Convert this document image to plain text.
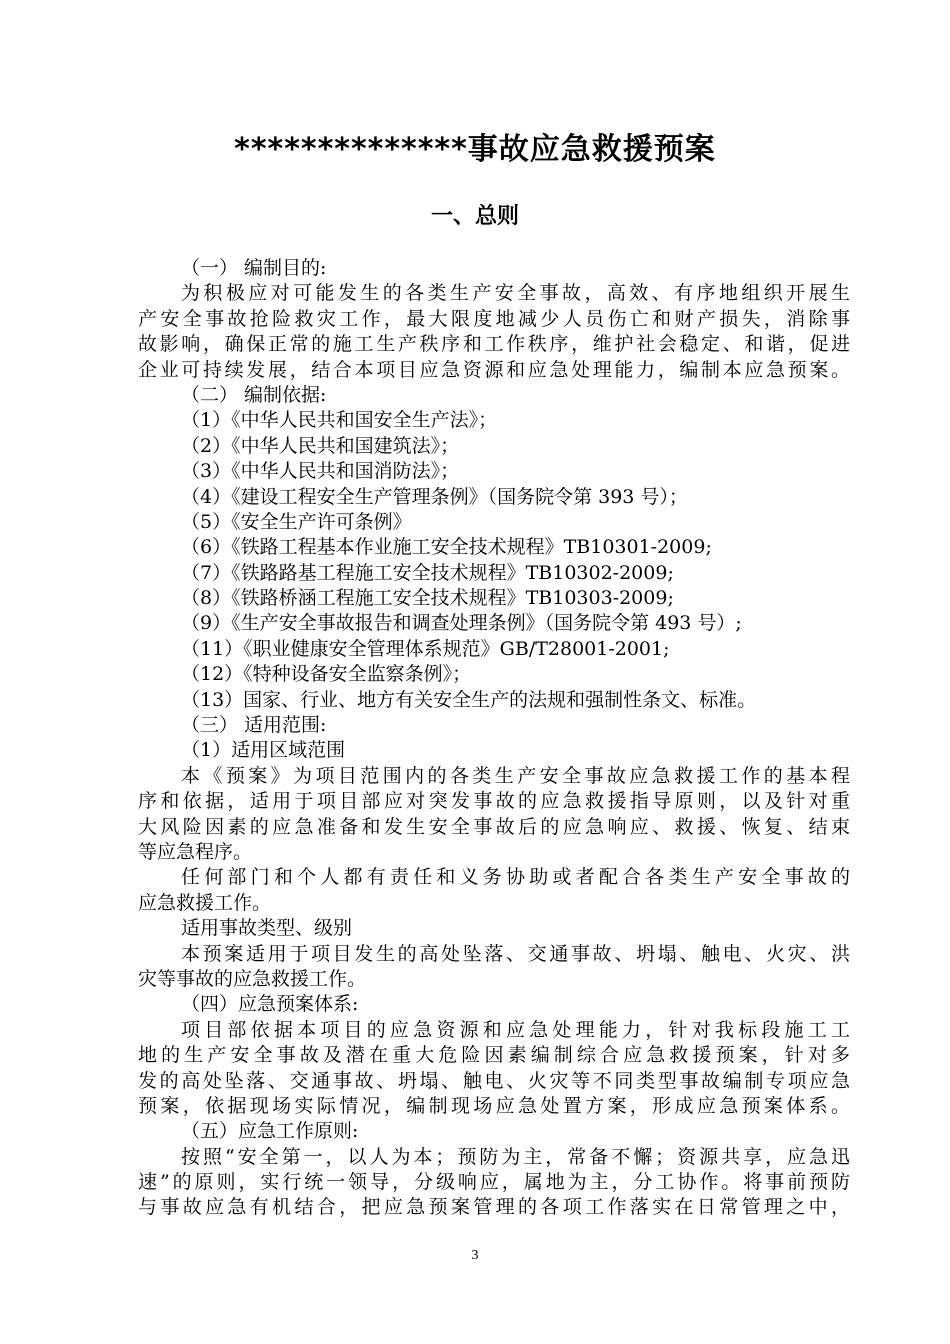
**************事故应急救援预案
一、总则
（一） 编制目的:
为积极应对可能发生的各类生产安全事故，高效、有序地组织开展生
产安全事故抢险救灾工作，最大限度地减少人员伤亡和财产损失，消除事
故影响，确保正常的施工生产秩序和工作秩序，维护社会稳定、和谐，促进
企业可持续发展，结合本项目应急资源和应急处理能力，编制本应急预案。
（二） 编制依据:
（1）《中华人民共和国安全生产法》；
（2）《中华人民共和国建筑法》；
（3）《中华人民共和国消防法》；
（4）《建设工程安全生产管理条例》（国务院令第 393 号）；
（5）《安全生产许可条例》
（6）《铁路工程基本作业施工安全技术规程》TB10301-2009;
（7）《铁路路基工程施工安全技术规程》TB10302-2009;
（8）《铁路桥涵工程施工安全技术规程》TB10303-2009;
（9）《生产安全事故报告和调查处理条例》（国务院令第 493 号）;
（11）《职业健康安全管理体系规范》GB/T28001-2001;
（12）《特种设备安全监察条例》；
（13）国家、行业、地方有关安全生产的法规和强制性条文、标准。
（三） 适用范围:
（1）适用区域范围
本《预案》为项目范围内的各类生产安全事故应急救援工作的基本程
序和依据，适用于项目部应对突发事故的应急救援指导原则，以及针对重
大风险因素的应急准备和发生安全事故后的应急响应、救援、恢复、结束
等应急程序。
任何部门和个人都有责任和义务协助或者配合各类生产安全事故的
应急救援工作。
适用事故类型、级别
本预案适用于项目发生的高处坠落、交通事故、坍塌、触电、火灾、洪
灾等事故的应急救援工作。
（四）应急预案体系:
项目部依据本项目的应急资源和应急处理能力，针对我标段施工工
地的生产安全事故及潜在重大危险因素编制综合应急救援预案，针对多
发的高处坠落、交通事故、坍塌、触电、火灾等不同类型事故编制专项应急
预案，依据现场实际情况，编制现场应急处置方案，形成应急预案体系。
（五）应急工作原则:
按照“安全第一，以人为本；预防为主，常备不懈；资源共享，应急迅
速”的原则，实行统一领导，分级响应，属地为主，分工协作。将事前预防
与事故应急有机结合，把应急预案管理的各项工作落实在日常管理之中，
3
